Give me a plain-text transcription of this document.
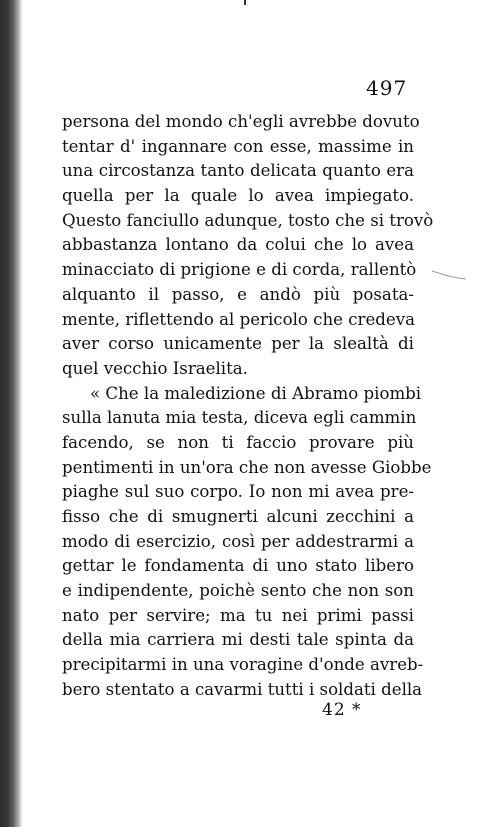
497
persona del mondo ch'egli avrebbe dovuto
tentar d' ingannare con esse, massime in
una circostanza tanto delicata quanto era
quella per la quale lo avea impiegato.
Questo fanciullo adunque, tosto che si trovò
abbastanza lontano da colui che lo avea
minacciato di prigione e di corda, rallentò
alquanto il passo, e andò più posata-
mente, riflettendo al pericolo che credeva
aver corso unicamente per la slealtà di
quel vecchio Israelita.
« Che la maledizione di Abramo piombi
sulla lanuta mia testa, diceva egli cammin
facendo, se non ti faccio provare più
pentimenti in un'ora che non avesse Giobbe
piaghe sul suo corpo. Io non mi avea pre-
fisso che di smugnerti alcuni zecchini a
modo di esercizio, così per addestrarmi a
gettar le fondamenta di uno stato libero
e indipendente, poichè sento che non son
nato per servire; ma tu nei primi passi
della mia carriera mi desti tale spinta da
precipitarmi in una voragine d'onde avreb-
bero stentato a cavarmi tutti i soldati della
42 *
